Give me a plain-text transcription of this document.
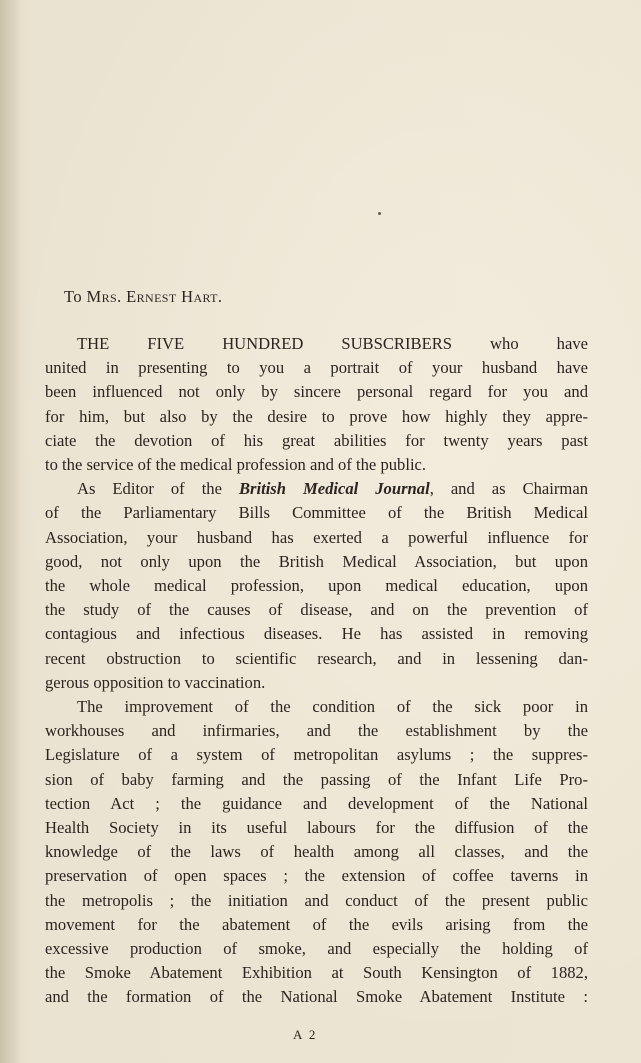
To Mrs. Ernest Hart.

THE FIVE HUNDRED SUBSCRIBERS who have
united in presenting to you a portrait of your husband have
been influenced not only by sincere personal regard for you and
for him, but also by the desire to prove how highly they appre-
ciate the devotion of his great abilities for twenty years past
to the service of the medical profession and of the public.

As Editor of the British Medical Journal, and as Chairman
of the Parliamentary Bills Committee of the British Medical
Association, your husband has exerted a powerful influence for
good, not only upon the British Medical Association, but upon
the whole medical profession, upon medical education, upon
the study of the causes of disease, and on the prevention of
contagious and infectious diseases. He has assisted in removing
recent obstruction to scientific research, and in lessening dan-
gerous opposition to vaccination.

The improvement of the condition of the sick poor in
workhouses and infirmaries, and the establishment by the
Legislature of a system of metropolitan asylums ; the suppres-
sion of baby farming and the passing of the Infant Life Pro-
tection Act ; the guidance and development of the National
Health Society in its useful labours for the diffusion of the
knowledge of the laws of health among all classes, and the
preservation of open spaces ; the extension of coffee taverns in
the metropolis ; the initiation and conduct of the present public
movement for the abatement of the evils arising from the
excessive production of smoke, and especially the holding of
the Smoke Abatement Exhibition at South Kensington of 1882,
and the formation of the National Smoke Abatement Institute :

A 2
